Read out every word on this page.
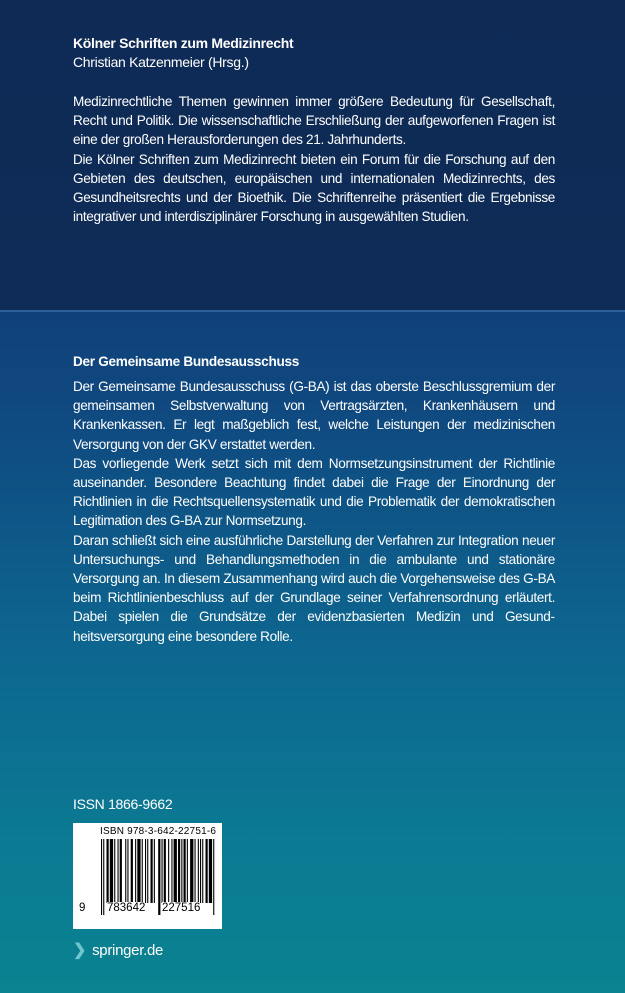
Kölner Schriften zum Medizinrecht
Christian Katzenmeier (Hrsg.)

Medizinrechtliche Themen gewinnen immer größere Bedeutung für Gesellschaft, Recht und Politik. Die wissenschaftliche Erschließung der aufgeworfenen Fragen ist eine der großen Herausforderungen des 21. Jahrhunderts.

Die Kölner Schriften zum Medizinrecht bieten ein Forum für die Forschung auf den Gebieten des deutschen, europäischen und internationalen Medizinrechts, des Gesundheitsrechts und der Bioethik. Die Schriftenreihe präsentiert die Ergebnisse integrativer und interdisziplinärer Forschung in ausgewählten Studien.

Der Gemeinsame Bundesausschuss

Der Gemeinsame Bundesausschuss (G-BA) ist das oberste Beschlussgremium der gemeinsamen Selbstverwaltung von Vertragsärzten, Krankenhäusern und Krankenkassen. Er legt maßgeblich fest, welche Leistungen der medizinischen Versorgung von der GKV erstattet werden.

Das vorliegende Werk setzt sich mit dem Normsetzungsinstrument der Richtlinie auseinander. Besondere Beachtung findet dabei die Frage der Einordnung der Richtlinien in die Rechtsquellensystematik und die Problematik der demokratischen Legitimation des G-BA zur Normsetzung.

Daran schließt sich eine ausführliche Darstellung der Verfahren zur Integration neuer Untersuchungs- und Behandlungsmethoden in die ambulante und stationäre Versorgung an. In diesem Zusammenhang wird auch die Vorgehensweise des G-BA beim Richtlinienbeschluss auf der Grundlage seiner Verfahrensordnung erläutert. Dabei spielen die Grundsätze der evidenzbasierten Medizin und Gesundheitsversorgung eine besondere Rolle.

ISSN 1866-9662
ISBN 978-3-642-22751-6
9 783642 227516
❯ springer.de
